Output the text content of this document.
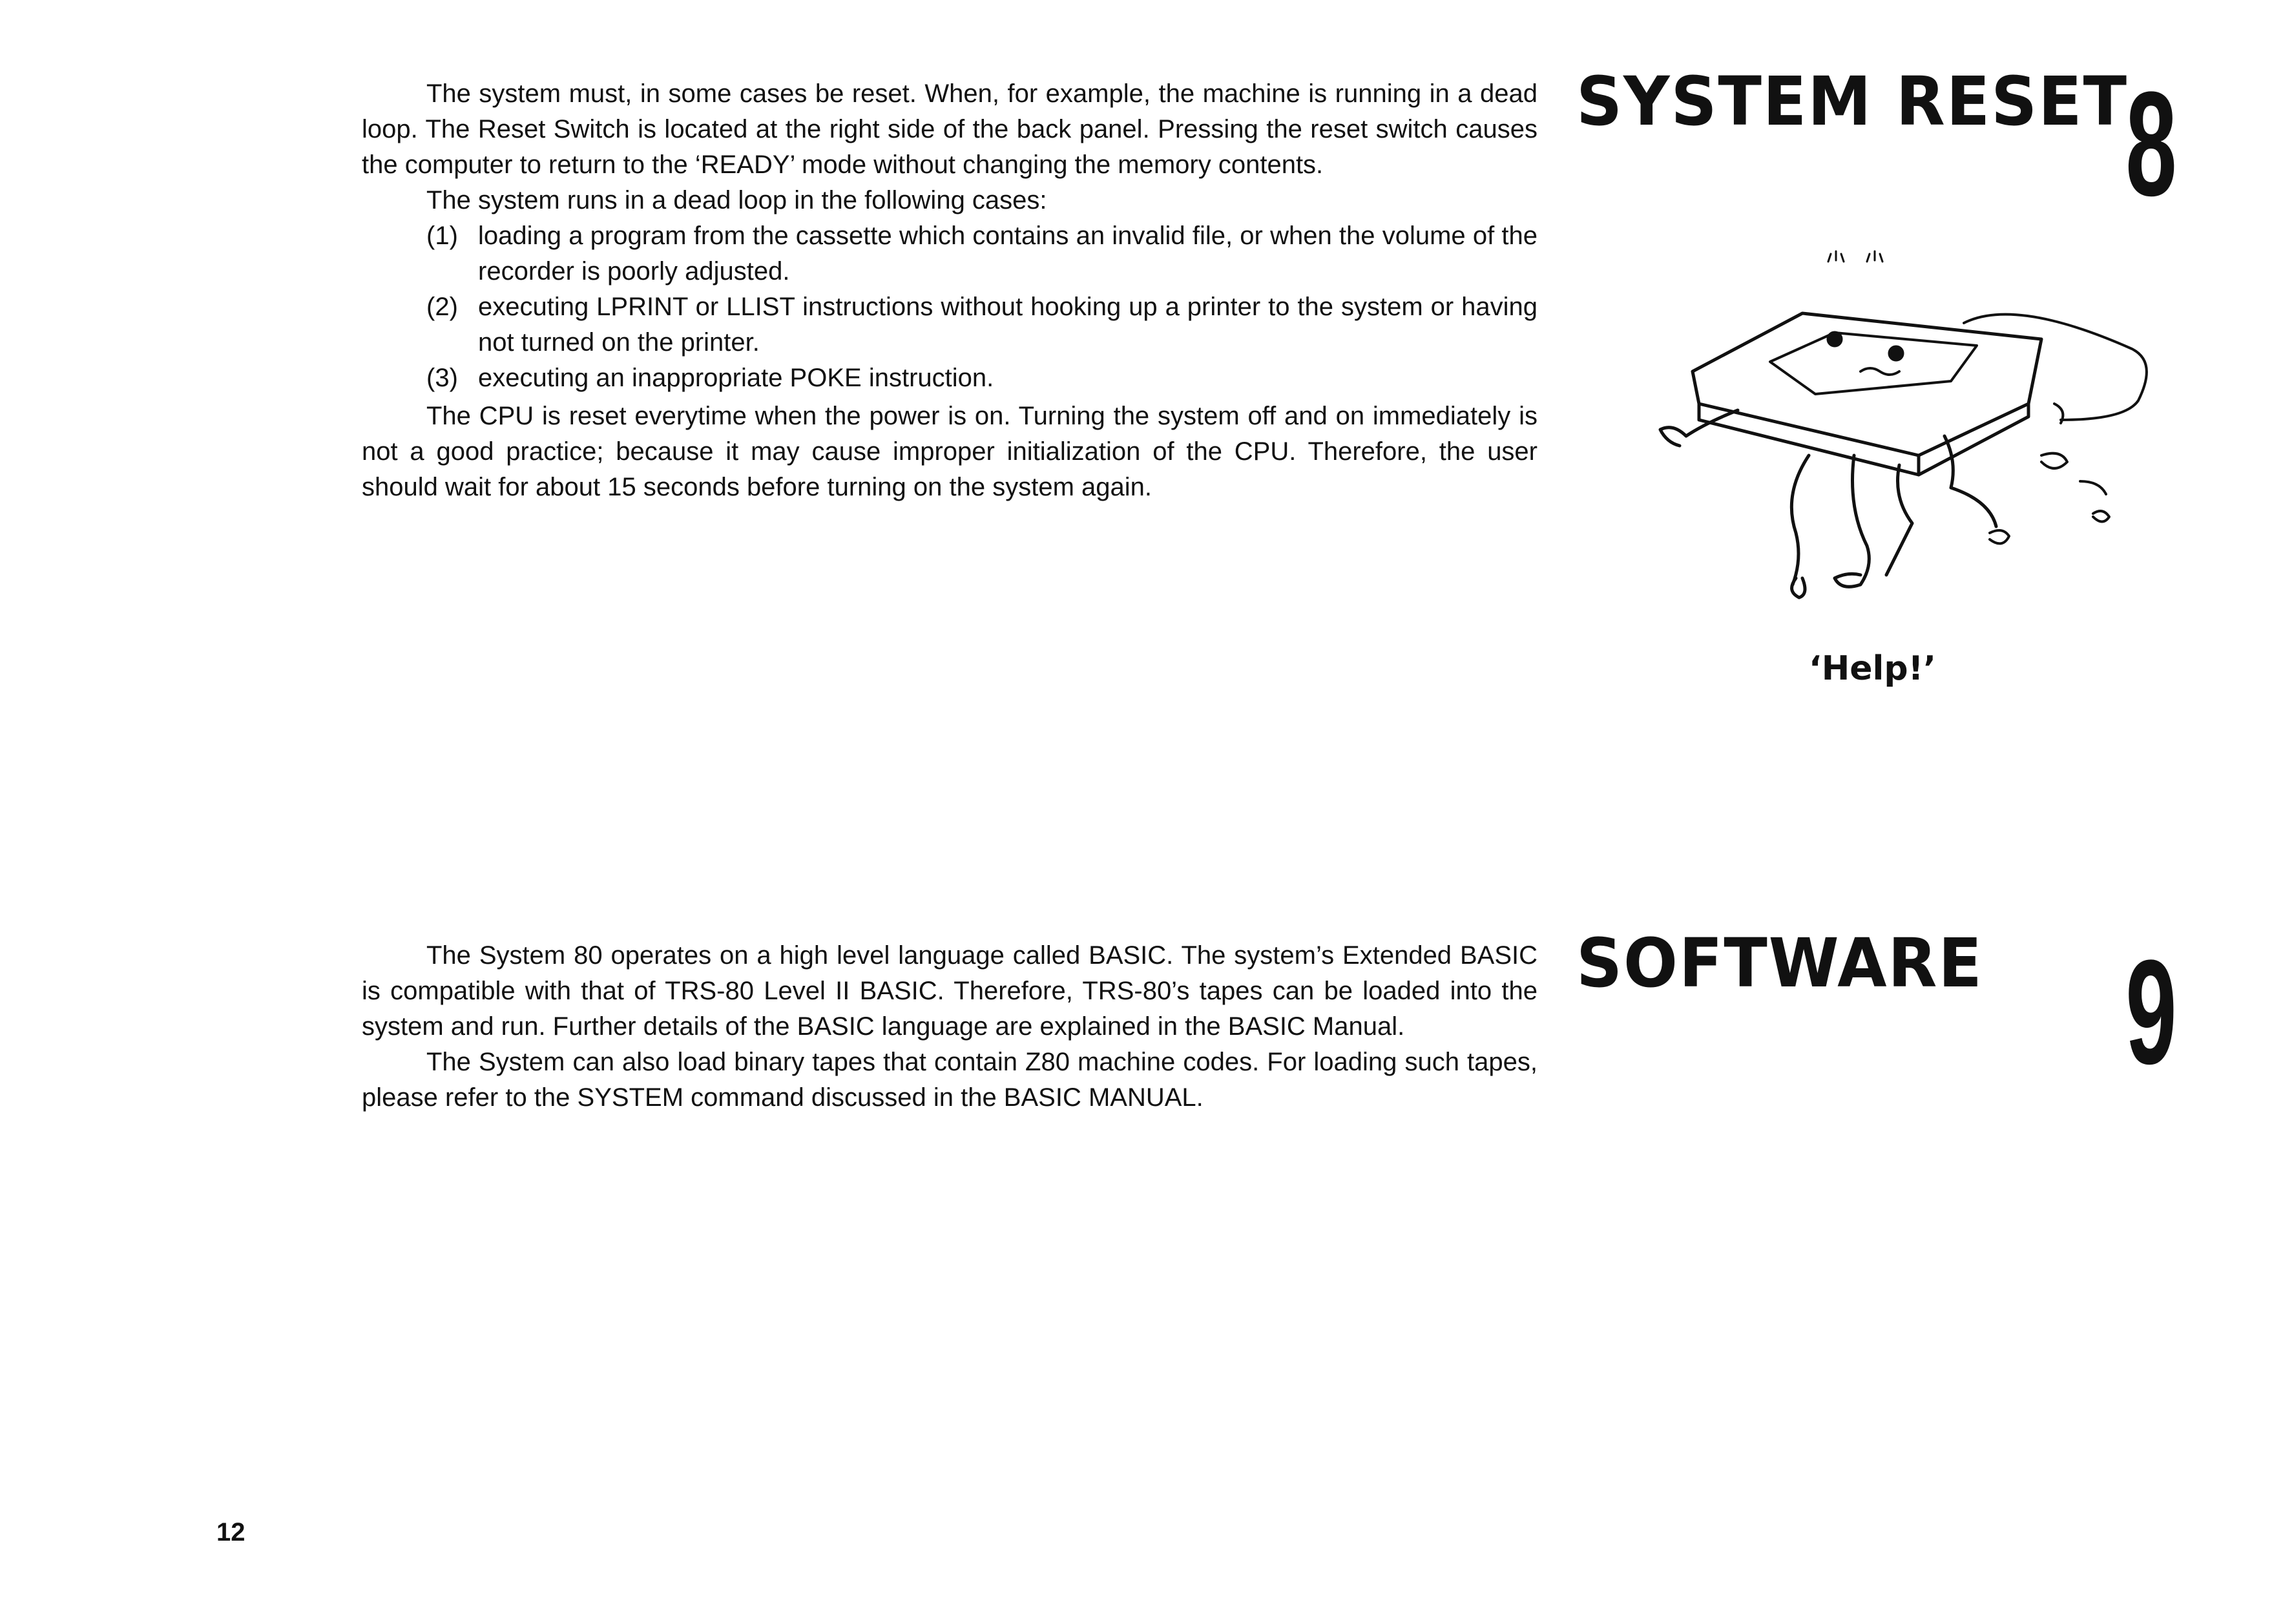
The system must, in some cases be reset. When, for example, the machine is running in a dead loop. The Reset Switch is located at the right side of the back panel. Pressing the reset switch causes the computer to return to the ‘READY’ mode without changing the memory contents.

The system runs in a dead loop in the following cases:

(1) loading a program from the cassette which contains an invalid file, or when the volume of the recorder is poorly adjusted.
(2) executing LPRINT or LLIST instructions without hooking up a printer to the system or having not turned on the printer.
(3) executing an inappropriate POKE instruction.

The CPU is reset everytime when the power is on. Turning the system off and on immediately is not a good practice; because it may cause improper initialization of the CPU. Therefore, the user should wait for about 15 seconds before turning on the system again.

SYSTEM RESET
8
‘Help!’

The System 80 operates on a high level language called BASIC. The system’s Extended BASIC is compatible with that of TRS-80 Level II BASIC. Therefore, TRS-80’s tapes can be loaded into the system and run. Further details of the BASIC language are explained in the BASIC Manual.

The System can also load binary tapes that contain Z80 machine codes. For loading such tapes, please refer to the SYSTEM command discussed in the BASIC MANUAL.

SOFTWARE 9
12
